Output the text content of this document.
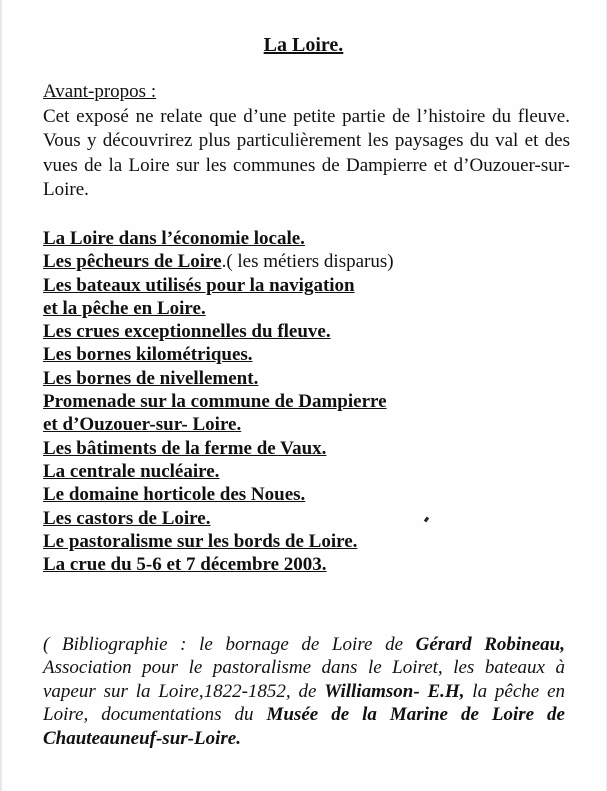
La Loire.
Avant-propos :
Cet exposé ne relate que d’une petite partie de l’histoire du fleuve. Vous y découvrirez plus particulièrement les paysages du val et des vues de la Loire sur les communes de Dampierre et d’Ouzouer-sur-Loire.
La Loire dans l’économie locale.
Les pêcheurs de Loire.( les métiers disparus)
Les bateaux utilisés pour la navigation
et la pêche en Loire.
Les crues exceptionnelles du fleuve.
Les bornes kilométriques.
Les bornes de nivellement.
Promenade sur la commune de Dampierre
et d’Ouzouer-sur- Loire.
Les bâtiments de la ferme de Vaux.
La centrale nucléaire.
Le domaine horticole des Noues.
Les castors de Loire.
Le pastoralisme sur les bords de Loire.
La crue du 5-6 et 7 décembre 2003.
( Bibliographie : le bornage de Loire de Gérard Robineau, Association pour le pastoralisme dans le Loiret, les bateaux à vapeur sur la Loire,1822-1852, de Williamson- E.H, la pêche en Loire, documentations du Musée de la Marine de Loire de Chauteauneuf-sur-Loire.
